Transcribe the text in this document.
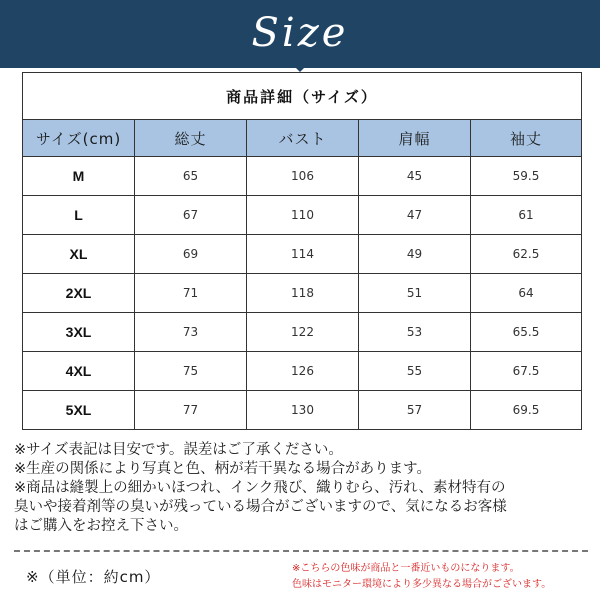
Size
商品詳細（サイズ）				
サイズ(cm)	総丈	バスト	肩幅	袖丈
M	65	106	45	59.5
L	67	110	47	61
XL	69	114	49	62.5
2XL	71	118	51	64
3XL	73	122	53	65.5
4XL	75	126	55	67.5
5XL	77	130	57	69.5
※サイズ表記は目安です。誤差はご了承ください。
※生産の関係により写真と色、柄が若干異なる場合があります。
※商品は縫製上の細かいほつれ、インク飛び、織りむら、汚れ、素材特有の
臭いや接着剤等の臭いが残っている場合がございますので、気になるお客様
はご購入をお控え下さい。
※（単位：約cm）	※こちらの色味が商品と一番近いものになります。
色味はモニター環境により多少異なる場合がございます。
